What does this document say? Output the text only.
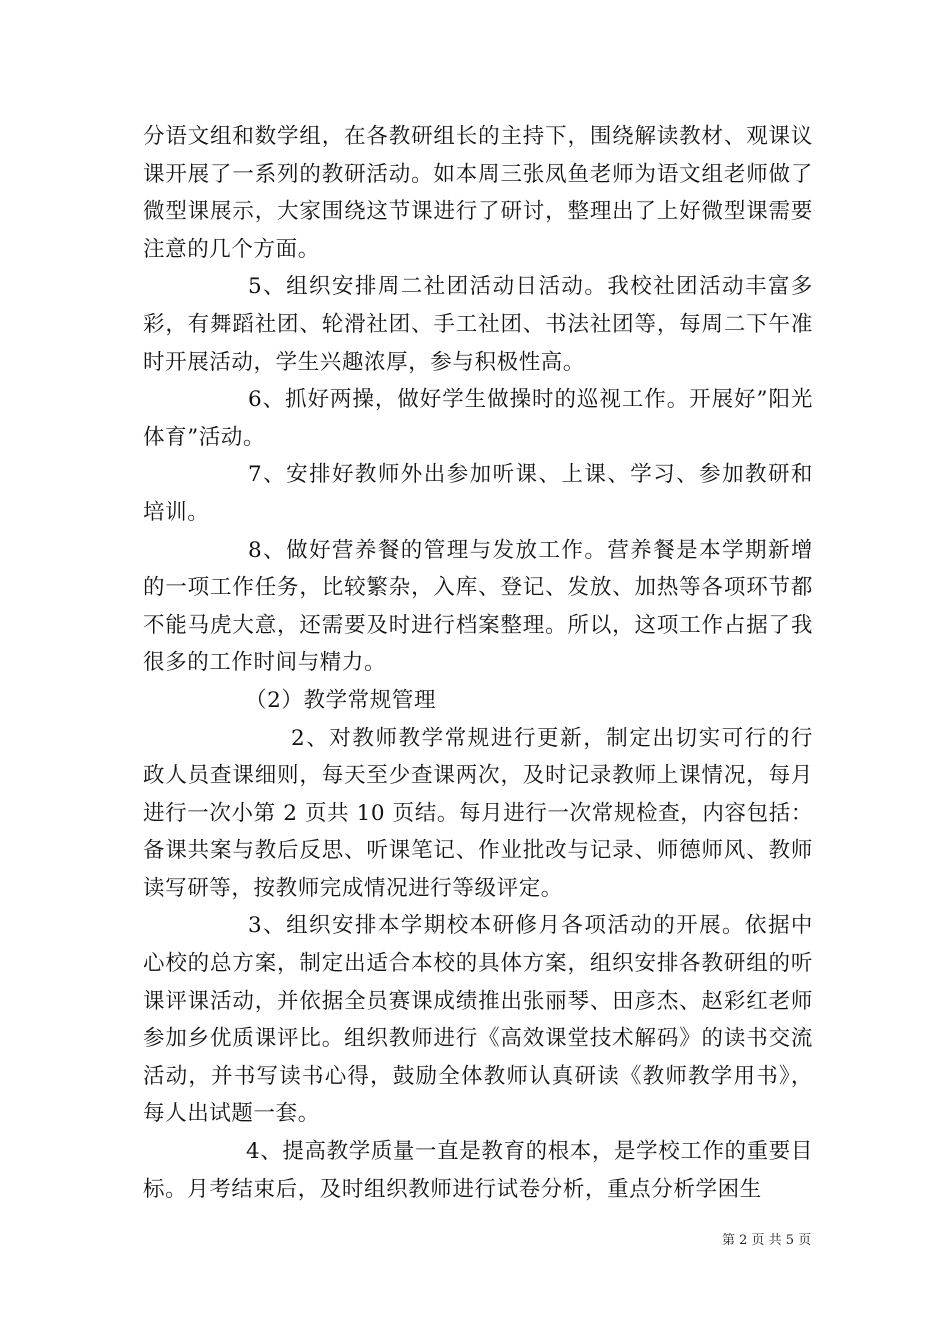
分语文组和数学组，在各教研组长的主持下，围绕解读教材、观课议课开展了一系列的教研活动。如本周三张凤鱼老师为语文组老师做了微型课展示，大家围绕这节课进行了研讨，整理出了上好微型课需要注意的几个方面。

5、组织安排周二社团活动日活动。我校社团活动丰富多彩，有舞蹈社团、轮滑社团、手工社团、书法社团等，每周二下午准时开展活动，学生兴趣浓厚，参与积极性高。

6、抓好两操，做好学生做操时的巡视工作。开展好”阳光体育”活动。

7、安排好教师外出参加听课、上课、学习、参加教研和培训。

8、做好营养餐的管理与发放工作。营养餐是本学期新增的一项工作任务，比较繁杂，入库、登记、发放、加热等各项环节都不能马虎大意，还需要及时进行档案整理。所以，这项工作占据了我很多的工作时间与精力。

（2）教学常规管理

2、对教师教学常规进行更新，制定出切实可行的行政人员查课细则，每天至少查课两次，及时记录教师上课情况，每月进行一次小第 2 页共 10 页结。每月进行一次常规检查，内容包括：备课共案与教后反思、听课笔记、作业批改与记录、师德师风、教师读写研等，按教师完成情况进行等级评定。

3、组织安排本学期校本研修月各项活动的开展。依据中心校的总方案，制定出适合本校的具体方案，组织安排各教研组的听课评课活动，并依据全员赛课成绩推出张丽琴、田彦杰、赵彩红老师参加乡优质课评比。组织教师进行《高效课堂技术解码》的读书交流活动，并书写读书心得，鼓励全体教师认真研读《教师教学用书》，每人出试题一套。

4、提高教学质量一直是教育的根本，是学校工作的重要目标。月考结束后，及时组织教师进行试卷分析，重点分析学困生

第 2 页 共 5 页
